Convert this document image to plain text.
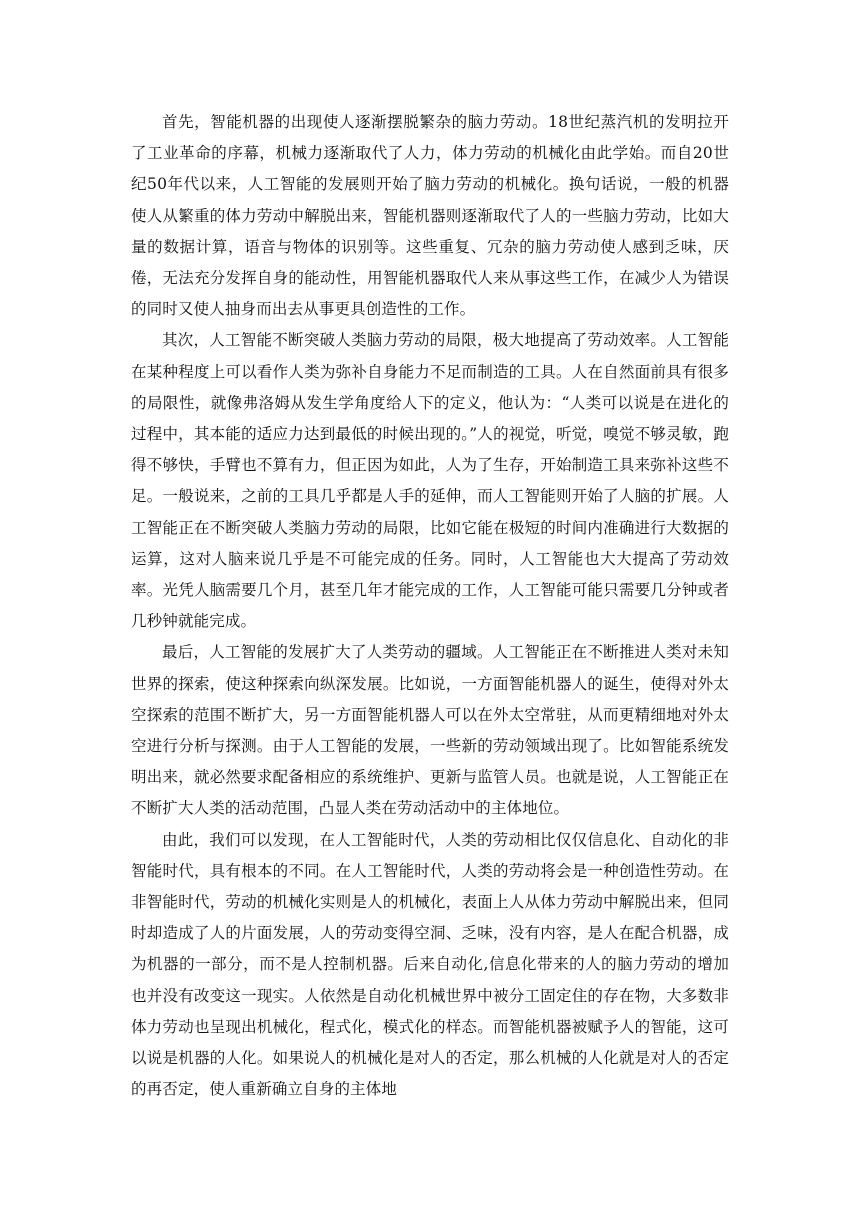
首先，智能机器的出现使人逐渐摆脱繁杂的脑力劳动。18世纪蒸汽机的发明拉开了工业革命的序幕，机械力逐渐取代了人力，体力劳动的机械化由此学始。而自20世纪50年代以来，人工智能的发展则开始了脑力劳动的机械化。换句话说，一般的机器使人从繁重的体力劳动中解脱出来，智能机器则逐渐取代了人的一些脑力劳动，比如大量的数据计算，语音与物体的识别等。这些重复、冗杂的脑力劳动使人感到乏味，厌倦，无法充分发挥自身的能动性，用智能机器取代人来从事这些工作，在减少人为错误的同时又使人抽身而出去从事更具创造性的工作。

其次，人工智能不断突破人类脑力劳动的局限，极大地提高了劳动效率。人工智能在某种程度上可以看作人类为弥补自身能力不足而制造的工具。人在自然面前具有很多的局限性，就像弗洛姆从发生学角度给人下的定义，他认为：“人类可以说是在进化的过程中，其本能的适应力达到最低的时候出现的。”人的视觉，听觉，嗅觉不够灵敏，跑得不够快，手臂也不算有力，但正因为如此，人为了生存，开始制造工具来弥补这些不足。一般说来，之前的工具几乎都是人手的延伸，而人工智能则开始了人脑的扩展。人工智能正在不断突破人类脑力劳动的局限，比如它能在极短的时间内准确进行大数据的运算，这对人脑来说几乎是不可能完成的任务。同时，人工智能也大大提高了劳动效率。光凭人脑需要几个月，甚至几年才能完成的工作，人工智能可能只需要几分钟或者几秒钟就能完成。

最后，人工智能的发展扩大了人类劳动的疆域。人工智能正在不断推进人类对未知世界的探索，使这种探索向纵深发展。比如说，一方面智能机器人的诞生，使得对外太空探索的范围不断扩大，另一方面智能机器人可以在外太空常驻，从而更精细地对外太空进行分析与探测。由于人工智能的发展，一些新的劳动领域出现了。比如智能系统发明出来，就必然要求配备相应的系统维护、更新与监管人员。也就是说，人工智能正在不断扩大人类的活动范围，凸显人类在劳动活动中的主体地位。

由此，我们可以发现，在人工智能时代，人类的劳动相比仅仅信息化、自动化的非智能时代，具有根本的不同。在人工智能时代，人类的劳动将会是一种创造性劳动。在非智能时代，劳动的机械化实则是人的机械化，表面上人从体力劳动中解脱出来，但同时却造成了人的片面发展，人的劳动变得空洞、乏味，没有内容，是人在配合机器，成为机器的一部分，而不是人控制机器。后来自动化,信息化带来的人的脑力劳动的增加也并没有改变这一现实。人依然是自动化机械世界中被分工固定住的存在物，大多数非体力劳动也呈现出机械化，程式化，模式化的样态。而智能机器被赋予人的智能，这可以说是机器的人化。如果说人的机械化是对人的否定，那么机械的人化就是对人的否定的再否定，使人重新确立自身的主体地
